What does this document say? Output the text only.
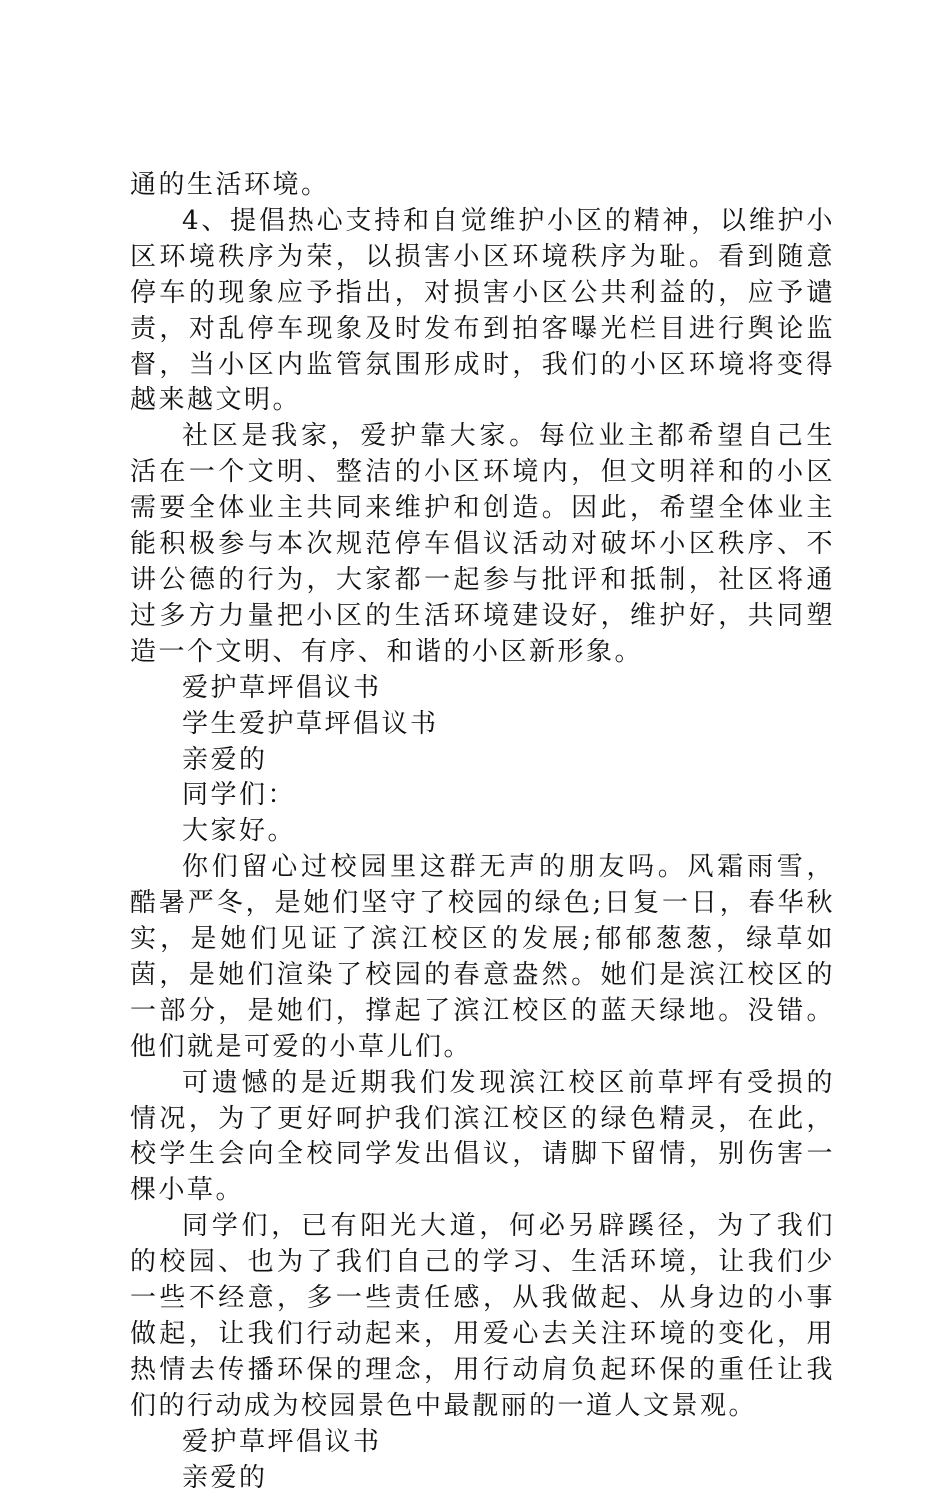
通的生活环境。

4、提倡热心支持和自觉维护小区的精神，以维护小区环境秩序为荣，以损害小区环境秩序为耻。看到随意停车的现象应予指出，对损害小区公共利益的，应予谴责，对乱停车现象及时发布到拍客曝光栏目进行舆论监督，当小区内监管氛围形成时，我们的小区环境将变得越来越文明。

社区是我家，爱护靠大家。每位业主都希望自己生活在一个文明、整洁的小区环境内，但文明祥和的小区需要全体业主共同来维护和创造。因此，希望全体业主能积极参与本次规范停车倡议活动对破坏小区秩序、不讲公德的行为，大家都一起参与批评和抵制，社区将通过多方力量把小区的生活环境建设好，维护好，共同塑造一个文明、有序、和谐的小区新形象。

爱护草坪倡议书
学生爱护草坪倡议书
亲爱的
同学们：
大家好。

你们留心过校园里这群无声的朋友吗。风霜雨雪，酷暑严冬，是她们坚守了校园的绿色;日复一日，春华秋实，是她们见证了滨江校区的发展;郁郁葱葱，绿草如茵，是她们渲染了校园的春意盎然。她们是滨江校区的一部分，是她们，撑起了滨江校区的蓝天绿地。没错。他们就是可爱的小草儿们。

可遗憾的是近期我们发现滨江校区前草坪有受损的情况，为了更好呵护我们滨江校区的绿色精灵，在此，校学生会向全校同学发出倡议，请脚下留情，别伤害一棵小草。

同学们，已有阳光大道，何必另辟蹊径，为了我们的校园、也为了我们自己的学习、生活环境，让我们少一些不经意，多一些责任感，从我做起、从身边的小事做起，让我们行动起来，用爱心去关注环境的变化，用热情去传播环保的理念，用行动肩负起环保的重任让我们的行动成为校园景色中最靓丽的一道人文景观。

爱护草坪倡议书
亲爱的
